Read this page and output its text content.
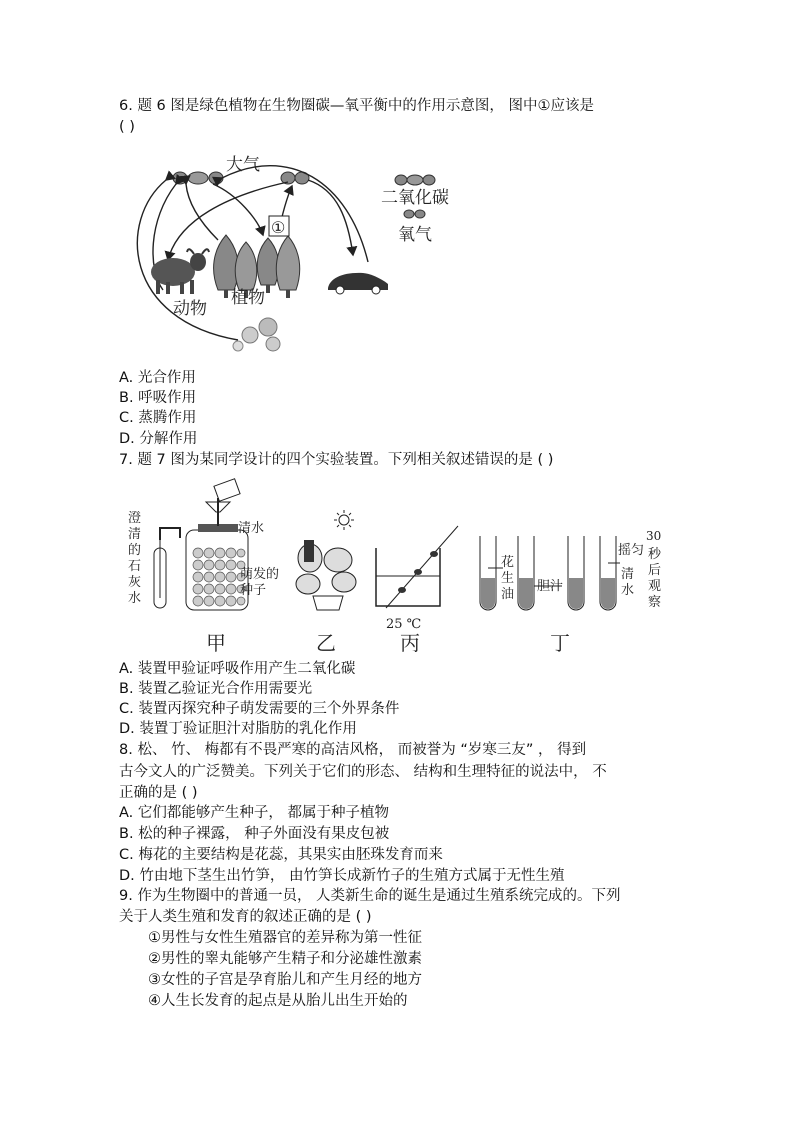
6. 题 6 图是绿色植物在生物圈碳—氧平衡中的作用示意图， 图中①应该是
( )
大气
二氧化碳
氧气
①
动物
植物
A. 光合作用
B. 呼吸作用
C. 蒸腾作用
D. 分解作用
7. 题 7 图为某同学设计的四个实验装置。下列相关叙述错误的是 ( )
澄
清
的
石
灰
水
清水
萌发的
种子
25 ℃
花
生
油
胆汁
摇匀
清
水
30
秒
后
观
察
甲	乙	丙	丁
A. 装置甲验证呼吸作用产生二氧化碳
B. 装置乙验证光合作用需要光
C. 装置丙探究种子萌发需要的三个外界条件
D. 装置丁验证胆汁对脂肪的乳化作用
8. 松、 竹、 梅都有不畏严寒的高洁风格， 而被誉为 “岁寒三友” ， 得到
古今文人的广泛赞美。下列关于它们的形态、 结构和生理特征的说法中， 不
正确的是 ( )
A. 它们都能够产生种子， 都属于种子植物
B. 松的种子裸露， 种子外面没有果皮包被
C. 梅花的主要结构是花蕊，其果实由胚珠发育而来
D. 竹由地下茎生出竹笋， 由竹笋长成新竹子的生殖方式属于无性生殖
9. 作为生物圈中的普通一员， 人类新生命的诞生是通过生殖系统完成的。下列
关于人类生殖和发育的叙述正确的是 ( )
①男性与女性生殖器官的差异称为第一性征
②男性的睾丸能够产生精子和分泌雄性激素
③女性的子宫是孕育胎儿和产生月经的地方
④人生长发育的起点是从胎儿出生开始的
